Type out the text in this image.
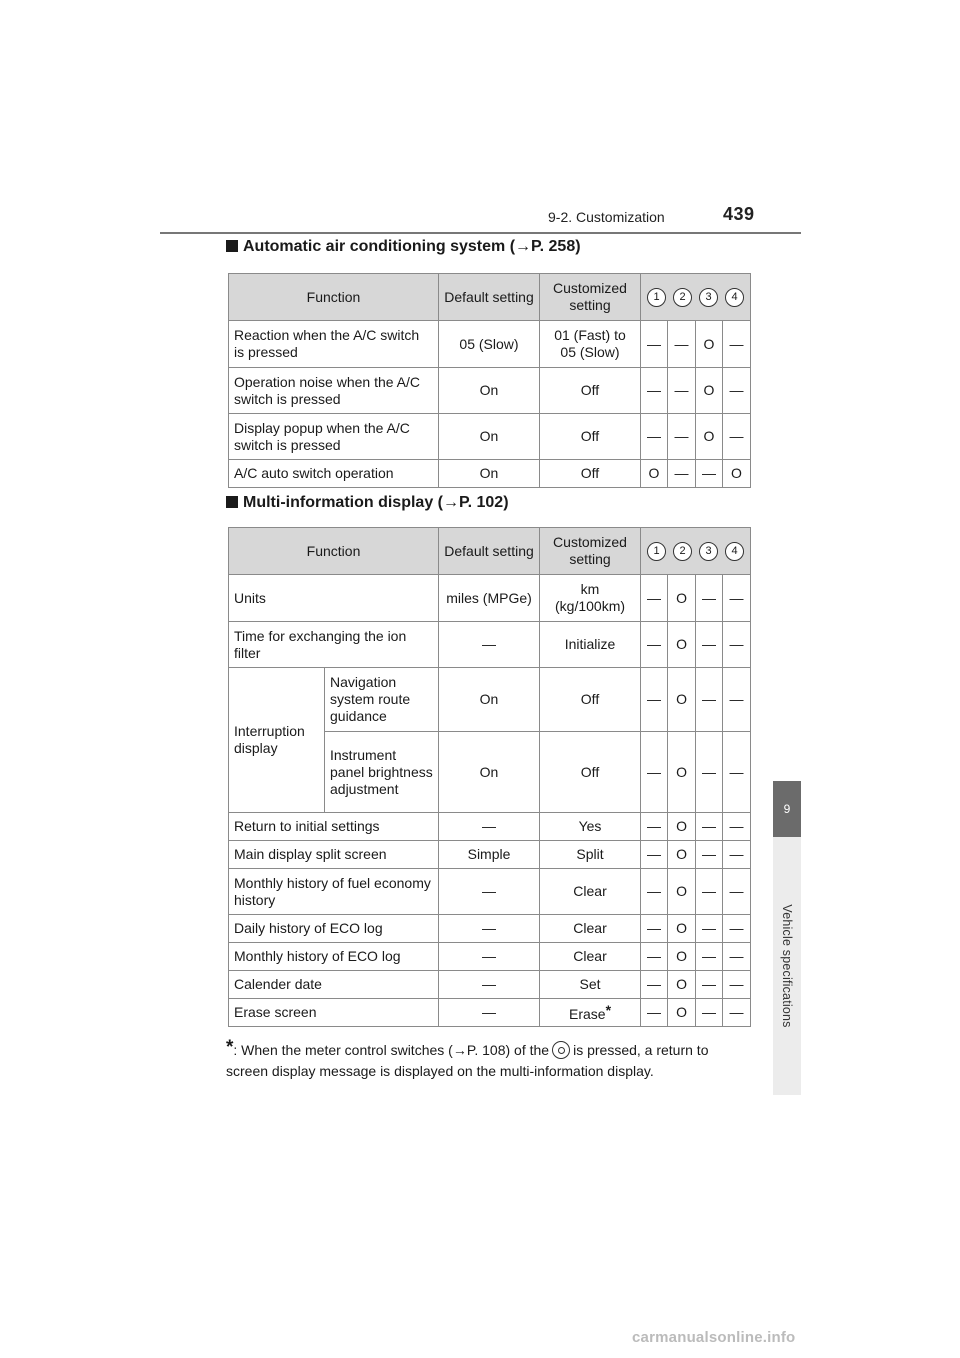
9-2. Customization	439
9
Vehicle specifications
Automatic air conditioning system (→P. 258)
Function	Default setting	Customized setting	1 2 3 4			

Reaction when the A/C switch is pressed	05 (Slow)	01 (Fast) to 05 (Slow)	—	—	O	—
Operation noise when the A/C switch is pressed	On	Off	—	—	O	—
Display popup when the A/C switch is pressed	On	Off	—	—	O	—
A/C auto switch operation	On	Off	O	—	—	O
Multi-information display (→P. 102)
Function		Default setting	Customized setting	1 2 3 4			

Units		miles (MPGe)	km (kg/100km)	—	O	—	—
Time for exchanging the ion filter		—	Initialize	—	O	—	—
Interruption display	Navigation system route guidance	On	Off	—	O	—	—
	Instrument panel brightness adjustment	On	Off	—	O	—	—
Return to initial settings		—	Yes	—	O	—	—
Main display split screen		Simple	Split	—	O	—	—
Monthly history of fuel economy history		—	Clear	—	O	—	—
Daily history of ECO log		—	Clear	—	O	—	—
Monthly history of ECO log		—	Clear	—	O	—	—
Calender date		—	Set	—	O	—	—
Erase screen		—	Erase*	—	O	—	—
*: When the meter control switches (→P. 108) of the is pressed, a return to screen display message is displayed on the multi-information display.
carmanualsonline.info
